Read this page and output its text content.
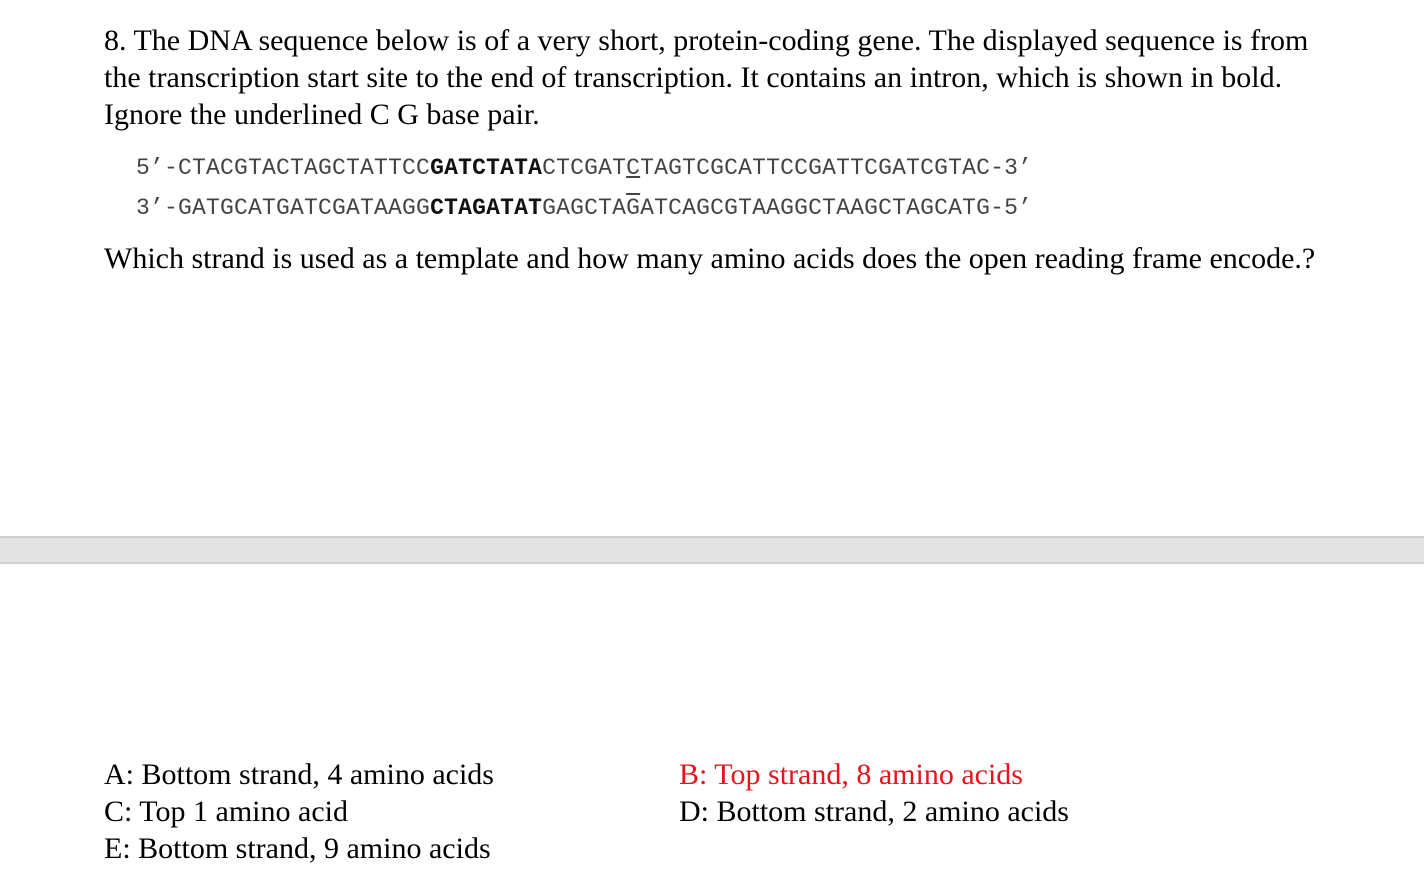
8. The DNA sequence below is of a very short, protein-coding gene. The displayed sequence is from the transcription start site to the end of transcription. It contains an intron, which is shown in bold. Ignore the underlined C G base pair.

5’-CTACGTACTAGCTATTCCGATCTATACTCGATCTAGTCGCATTCCGATTCGATCGTAC-3’
$3’-GATGCATGATCGATAAGGCTAGATATGAGCTA\overline{G}ATCAGCGTAAGGCTAAGCTAGCATG-5$’

Which strand is used as a template and how many amino acids does the open reading frame encode.?

A: Bottom strand, 4 amino acids	B: Top strand, 8 amino acids
C: Top 1 amino acid	D: Bottom strand, 2 amino acids
E: Bottom strand, 9 amino acids
